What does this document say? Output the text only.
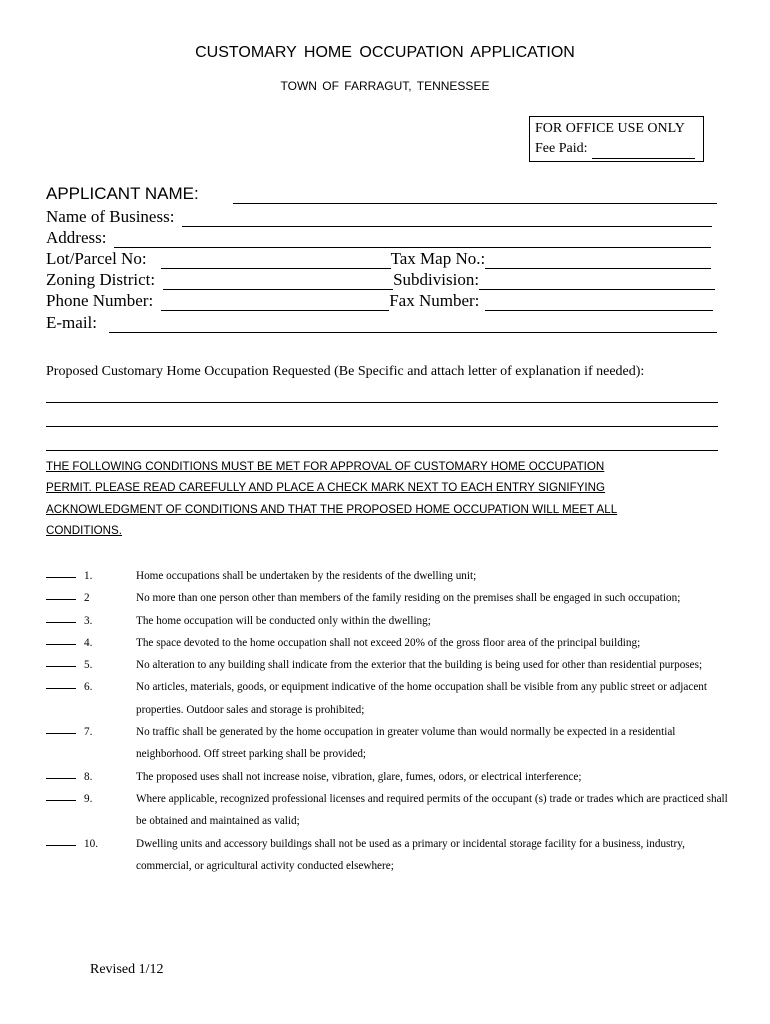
CUSTOMARY HOME OCCUPATION APPLICATION
TOWN OF FARRAGUT, TENNESSEE
FOR OFFICE USE ONLY
Fee Paid:
APPLICANT NAME:
Name of Business:
Address:
Lot/Parcel No:	Tax Map No.:
Zoning District:	Subdivision:
Phone Number:	Fax Number:
E-mail:
Proposed Customary Home Occupation Requested (Be Specific and attach letter of explanation if needed):
THE FOLLOWING CONDITIONS MUST BE MET FOR APPROVAL OF CUSTOMARY HOME OCCUPATION
PERMIT. PLEASE READ CAREFULLY AND PLACE A CHECK MARK NEXT TO EACH ENTRY SIGNIFYING
ACKNOWLEDGMENT OF CONDITIONS AND THAT THE PROPOSED HOME OCCUPATION WILL MEET ALL
CONDITIONS.
1.	Home occupations shall be undertaken by the residents of the dwelling unit;
2	No more than one person other than members of the family residing on the premises shall be engaged in such occupation;
3.	The home occupation will be conducted only within the dwelling;
4.	The space devoted to the home occupation shall not exceed 20% of the gross floor area of the principal building;
5.	No alteration to any building shall indicate from the exterior that the building is being used for other than residential purposes;
6.	No articles, materials, goods, or equipment indicative of the home occupation shall be visible from any public street or adjacent properties. Outdoor sales and storage is prohibited;
7.	No traffic shall be generated by the home occupation in greater volume than would normally be expected in a residential neighborhood. Off street parking shall be provided;
8.	The proposed uses shall not increase noise, vibration, glare, fumes, odors, or electrical interference;
9.	Where applicable, recognized professional licenses and required permits of the occupant (s) trade or trades which are practiced shall be obtained and maintained as valid;
10.	Dwelling units and accessory buildings shall not be used as a primary or incidental storage facility for a business, industry, commercial, or agricultural activity conducted elsewhere;
Revised 1/12
